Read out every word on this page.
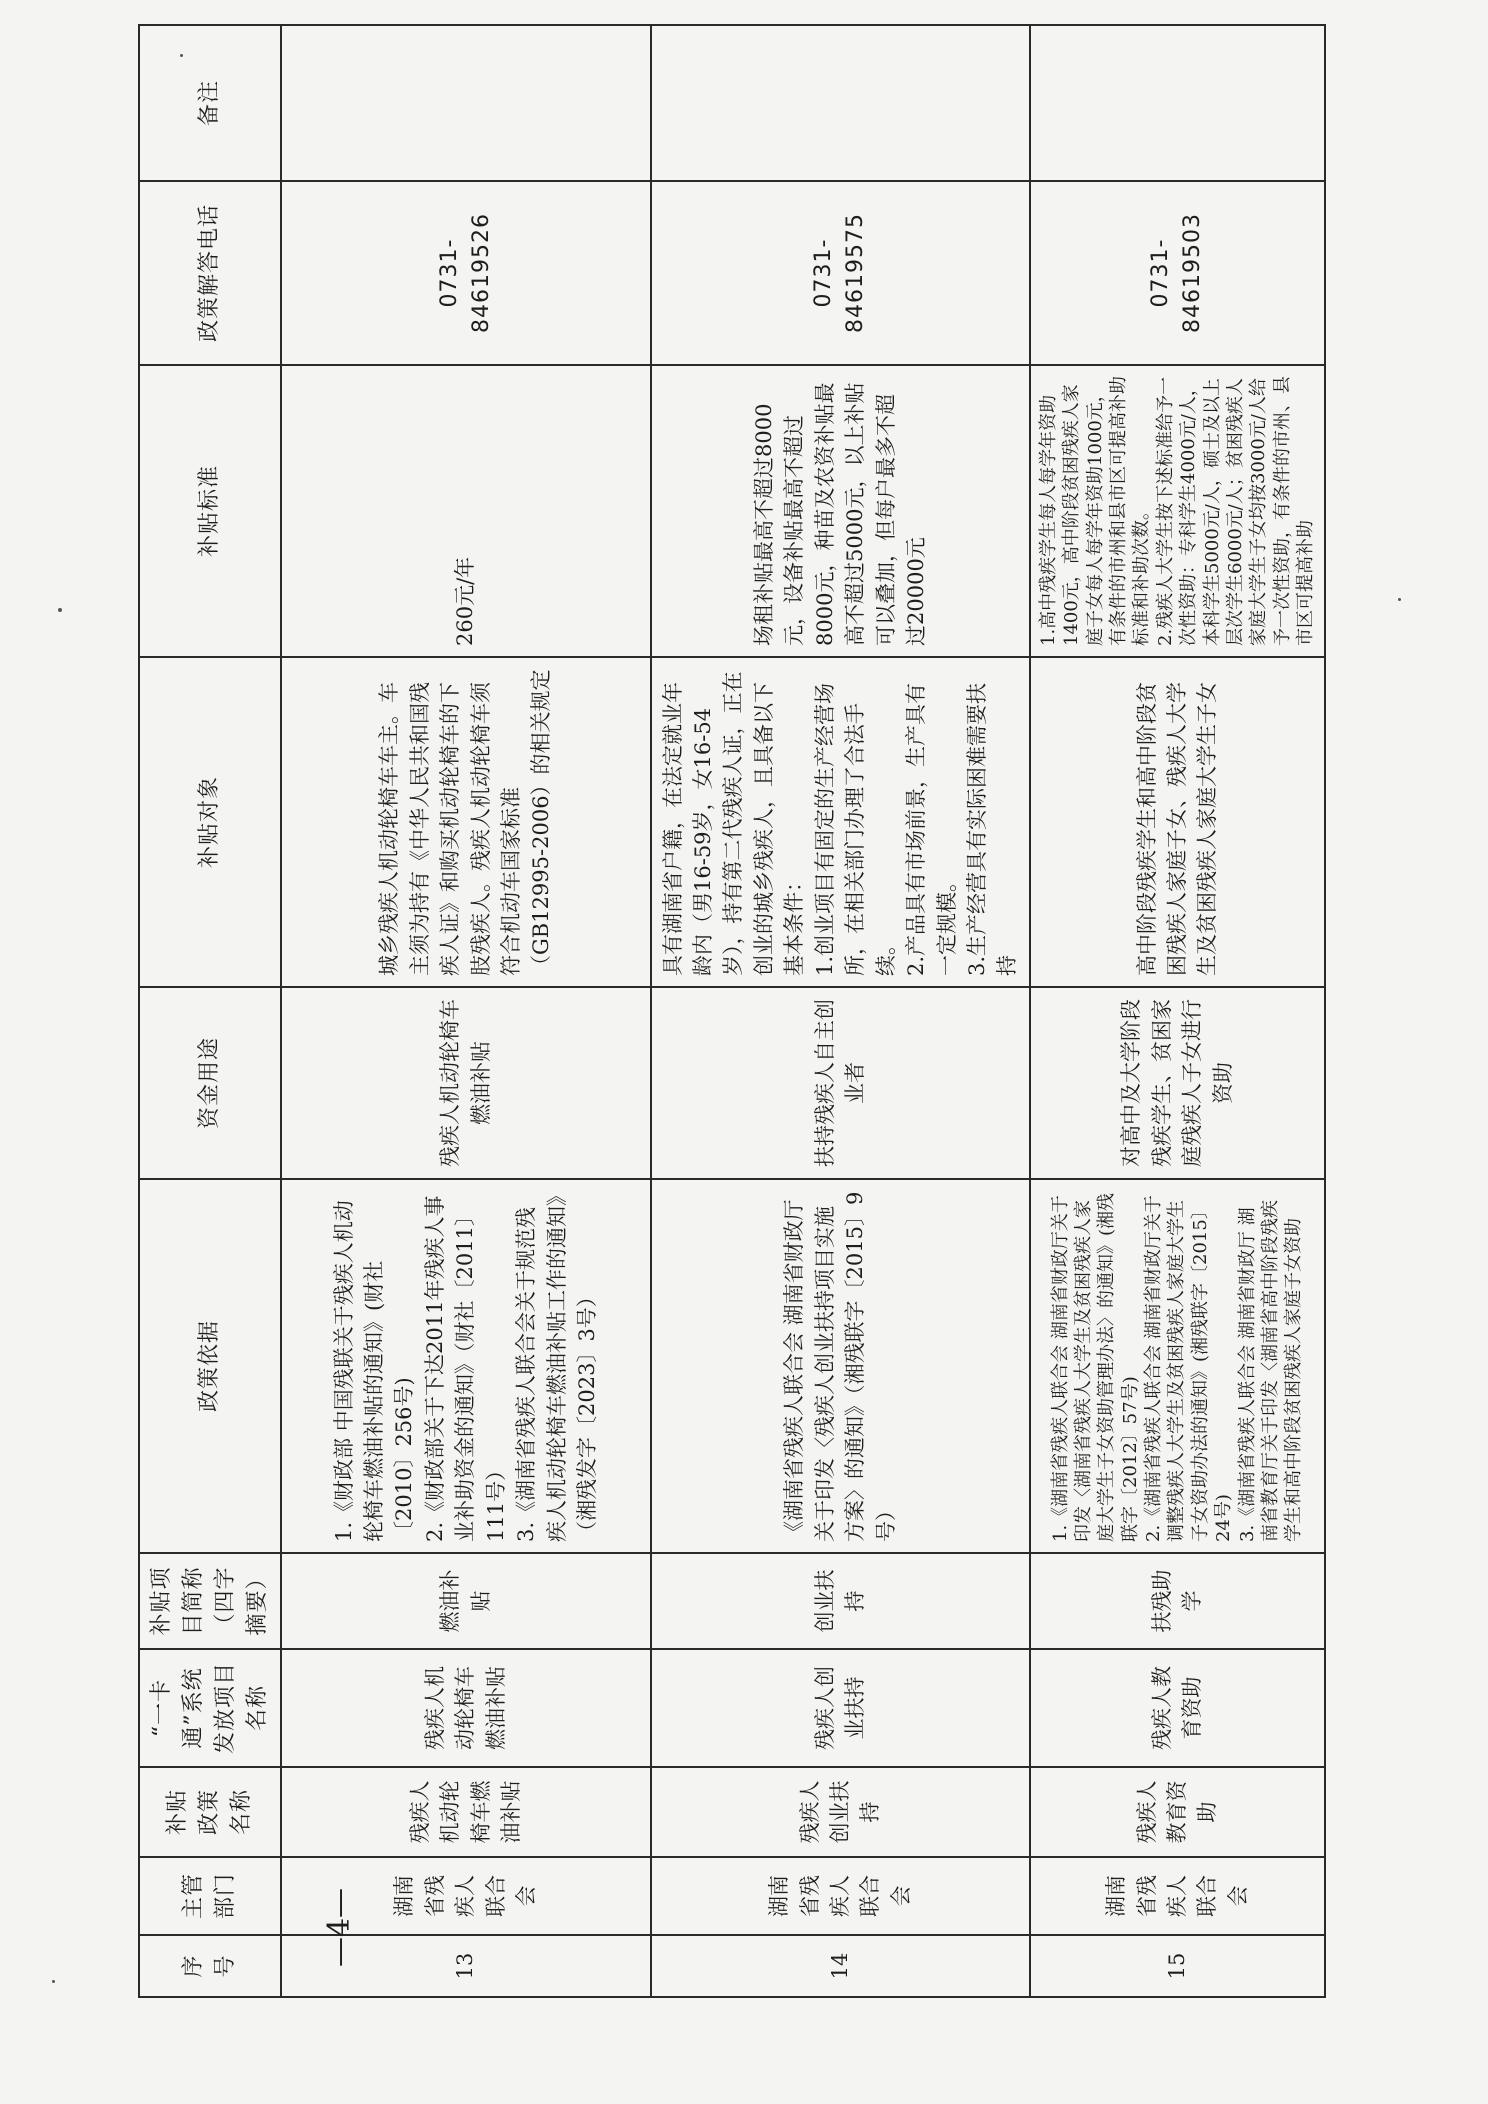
序号	主管部门	补贴政策名称	“一卡通”系统发放项目名称	补贴项目简称（四字摘要）	政策依据	资金用途	补贴对象	补贴标准	政策解答电话	备注
13	湖南省残疾人联合会	残疾人机动轮椅车燃油补贴	残疾人机动轮椅车燃油补贴	燃油补贴	1.《财政部 中国残联关于残疾人机动轮椅车燃油补贴的通知》(财社〔2010〕256号)
2.《财政部关于下达2011年残疾人事业补助资金的通知》（财社〔2011〕111号）
3.《湖南省残疾人联合会关于规范残疾人机动轮椅车燃油补贴工作的通知》（湘残发字〔2023〕3号）	残疾人机动轮椅车燃油补贴	城乡残疾人机动轮椅车车主。车主须为持有《中华人民共和国残疾人证》和购买机动轮椅车的下肢残疾人。残疾人机动轮椅车须符合机动车国家标准（GB12995-2006）的相关规定	260元/年	0731-84619526	
14	湖南省残疾人联合会	残疾人创业扶持	残疾人创业扶持	创业扶持	《湖南省残疾人联合会 湖南省财政厅关于印发〈残疾人创业扶持项目实施方案〉的通知》（湘残联字〔2015〕9号）	扶持残疾人自主创业者	具有湖南省户籍，在法定就业年龄内（男16-59岁，女16-54岁），持有第二代残疾人证，正在创业的城乡残疾人，且具备以下基本条件：
1.创业项目有固定的生产经营场所，在相关部门办理了合法手续。
2.产品具有市场前景，生产具有一定规模。
3.生产经营具有实际困难需要扶持	场租补贴最高不超过8000元，设备补贴最高不超过8000元，种苗及农资补贴最高不超过5000元，以上补贴可以叠加，但每户最多不超过20000元	0731-84619575	
15	湖南省残疾人联合会	残疾人教育资助	残疾人教育资助	扶残助学	1.《湖南省残疾人联合会 湖南省财政厅关于印发〈湖南省残疾人大学生及贫困残疾人家庭大学生子女资助管理办法〉的通知》(湘残联字〔2012〕57号)
2.《湖南省残疾人联合会 湖南省财政厅关于调整残疾人大学生及贫困残疾人家庭大学生子女资助办法的通知》(湘残联字〔2015〕24号)
3.《湖南省残疾人联合会 湖南省财政厅 湖南省教育厅关于印发〈湖南省高中阶段残疾学生和高中阶段贫困残疾人家庭子女资助	对高中及大学阶段残疾学生、贫困家庭残疾人子女进行资助	高中阶段残疾学生和高中阶段贫困残疾人家庭子女、残疾人大学生及贫困残疾人家庭大学生子女	1.高中残疾学生每人每学年资助1400元，高中阶段贫困残疾人家庭子女每人每学年资助1000元，有条件的市州和县市区可提高补助标准和补助次数。
2.残疾人大学生按下述标准给予一次性资助：专科学生4000元/人，本科学生5000元/人，硕士及以上层次学生6000元/人；贫困残疾人家庭大学生子女均按3000元/人给予一次性资助，有条件的市州、县市区可提高补助	0731-84619503	
—4—
